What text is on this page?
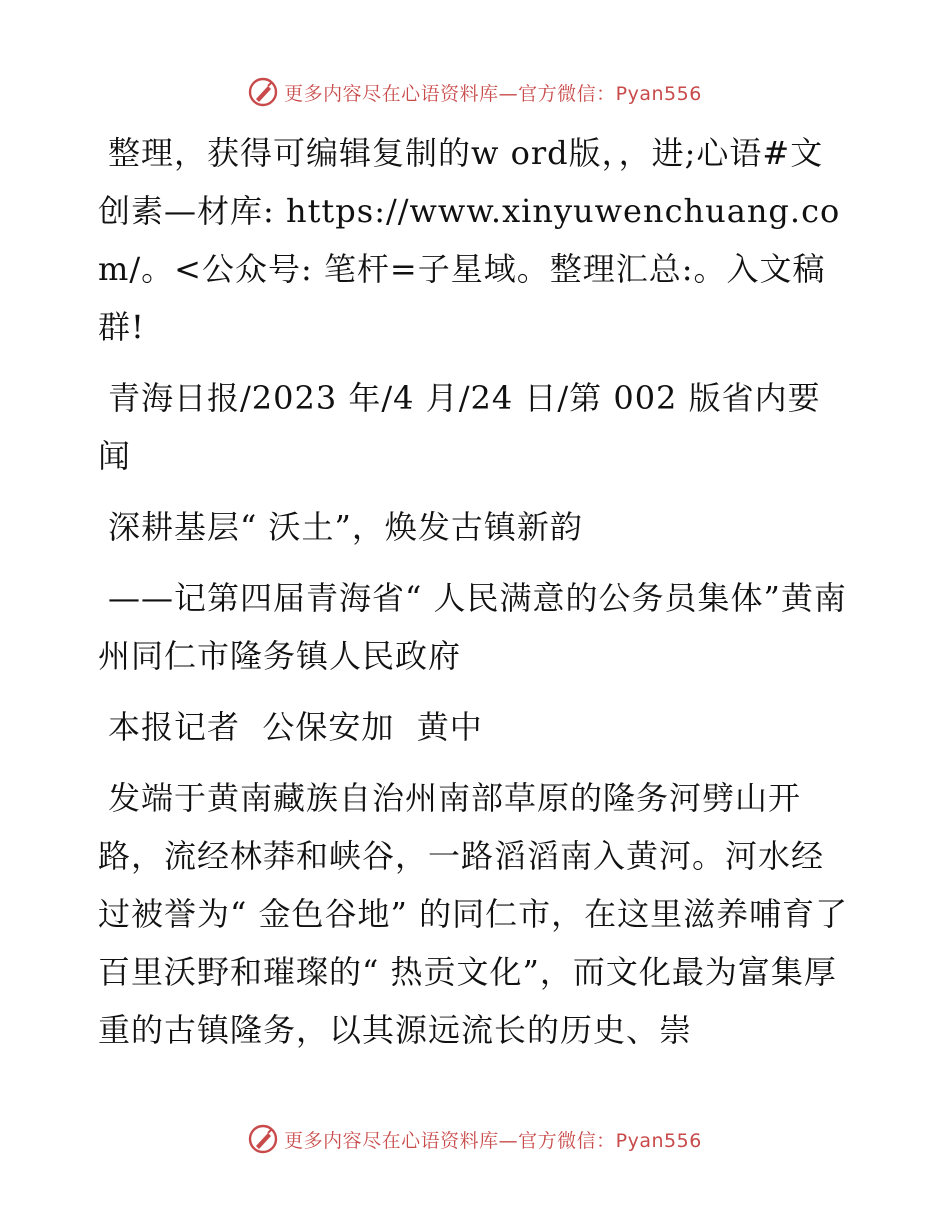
更多内容尽在心语资料库—官方微信：Pyan556

整理，获得可编辑复制的w ord版，，进;心语#文创素—材库: https://www.xinyuwenchuang.com/。<公众号: 笔杆=子星域。整理汇总:。入文稿群!

青海日报/2023 年/4 月/24 日/第 002 版省内要闻

深耕基层“ 沃土”，焕发古镇新韵

——记第四届青海省“ 人民满意的公务员集体”黄南州同仁市隆务镇人民政府

本报记者  公保安加  黄中

发端于黄南藏族自治州南部草原的隆务河劈山开路，流经林莽和峡谷，一路滔滔南入黄河。河水经过被誉为“ 金色谷地” 的同仁市，在这里滋养哺育了百里沃野和璀璨的“ 热贡文化”，而文化最为富集厚重的古镇隆务，以其源远流长的历史、崇

更多内容尽在心语资料库—官方微信：Pyan556
